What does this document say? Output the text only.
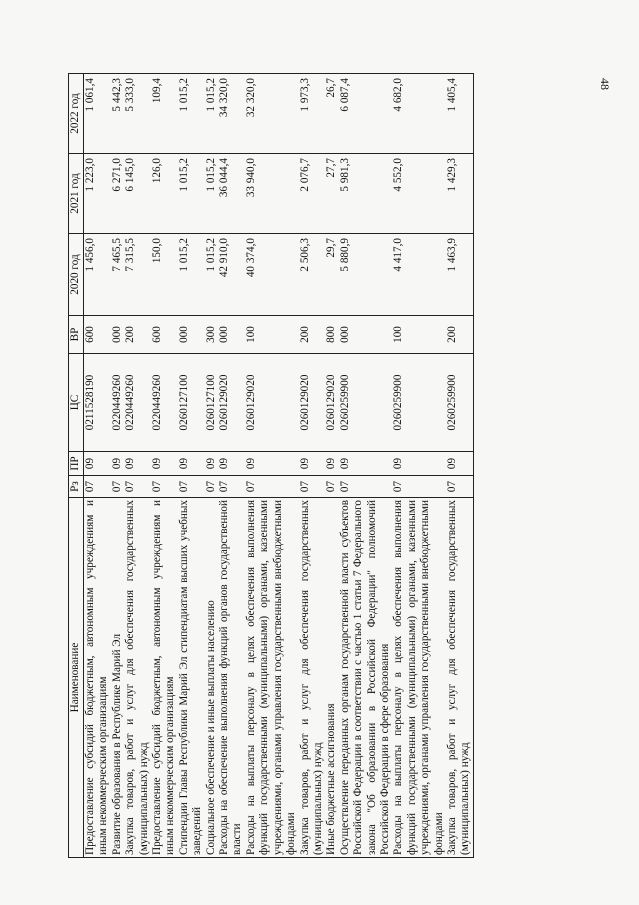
48
Наименование	Рз	ПР	ЦС	ВР	2020 год	2021 год	2022 год
Предоставление субсидий бюджетным, автономным учреждениям и иным некоммерческим организациям	07	09	0211528190	600	1 456,0	1 223,0	1 061,4
Развитие образования в Республике Марий Эл	07	09	0220449260	000	7 465,5	6 271,0	5 442,3
Закупка товаров, работ и услуг для обеспечения государственных (муниципальных) нужд	07	09	0220449260	200	7 315,5	6 145,0	5 333,0
Предоставление субсидий бюджетным, автономным учреждениям и иным некоммерческим организациям	07	09	0220449260	600	150,0	126,0	109,4
Стипендии Главы Республики Марий Эл стипендиатам высших учебных заведений	07	09	0260127100	000	1 015,2	1 015,2	1 015,2
Социальное обеспечение и иные выплаты населению	07	09	0260127100	300	1 015,2	1 015,2	1 015,2
Расходы на обеспечение выполнения функций органов государственной власти	07	09	0260129020	000	42 910,0	36 044,4	34 320,0
Расходы на выплаты персоналу в целях обеспечения выполнения функций государственными (муниципальными) органами, казенными учреждениями, органами управления государственными внебюджетными фондами	07	09	0260129020	100	40 374,0	33 940,0	32 320,0
Закупка товаров, работ и услуг для обеспечения государственных (муниципальных) нужд	07	09	0260129020	200	2 506,3	2 076,7	1 973,3
Иные бюджетные ассигнования	07	09	0260129020	800	29,7	27,7	26,7
Осуществление переданных органам государственной власти субъектов Российской Федерации в соответствии с частью 1 статьи 7 Федерального закона "Об образовании в Российской Федерации" полномочий Российской Федерации в сфере образования	07	09	0260259900	000	5 880,9	5 981,3	6 087,4
Расходы на выплаты персоналу в целях обеспечения выполнения функций государственными (муниципальными) органами, казенными учреждениями, органами управления государственными внебюджетными фондами	07	09	0260259900	100	4 417,0	4 552,0	4 682,0
Закупка товаров, работ и услуг для обеспечения государственных (муниципальных) нужд	07	09	0260259900	200	1 463,9	1 429,3	1 405,4
